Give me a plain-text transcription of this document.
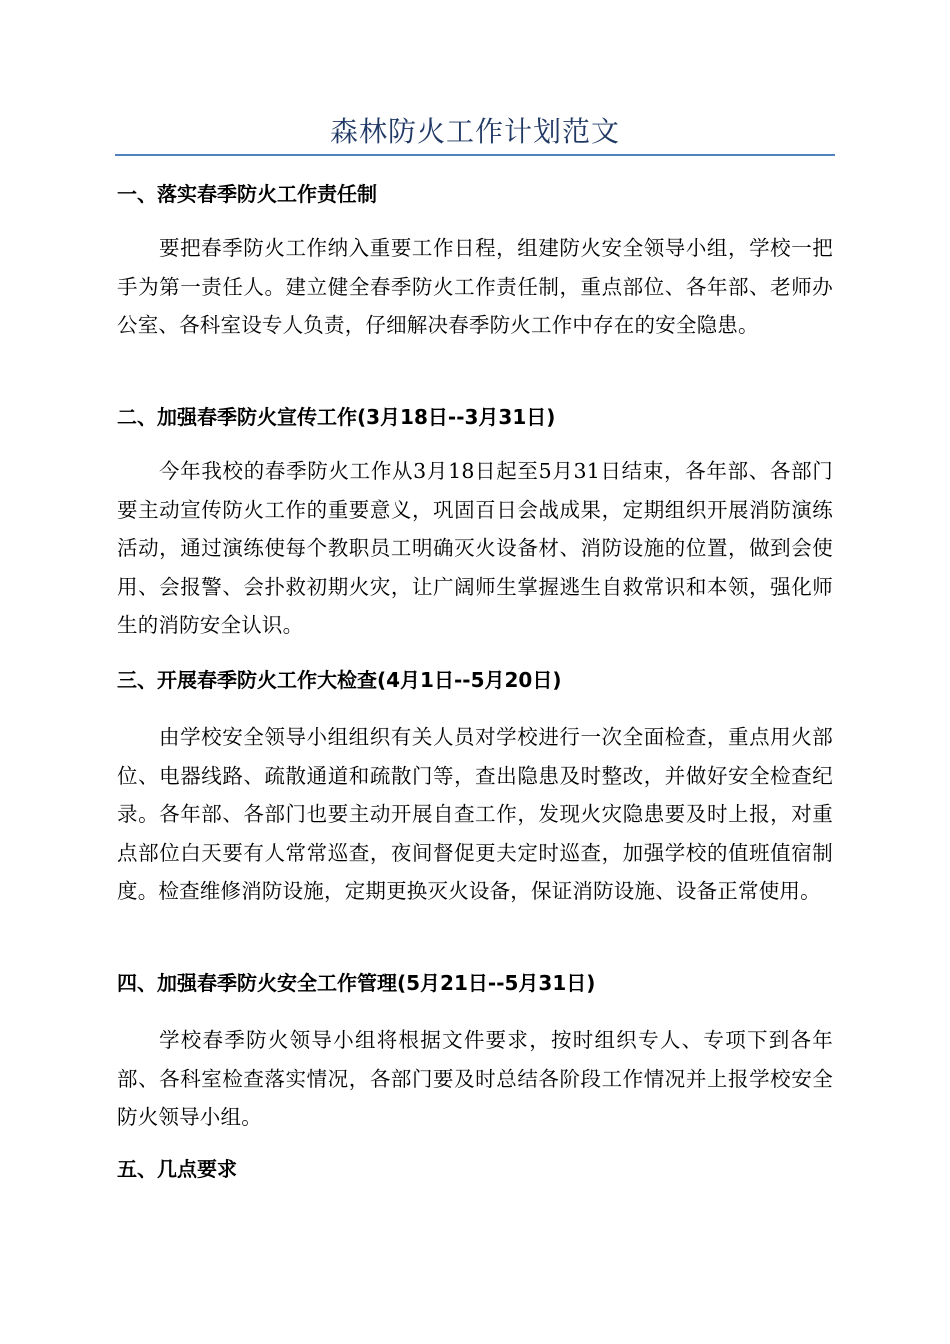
森林防火工作计划范文
一、落实春季防火工作责任制
要把春季防火工作纳入重要工作日程，组建防火安全领导小组，学校一把手为第一责任人。建立健全春季防火工作责任制，重点部位、各年部、老师办公室、各科室设专人负责，仔细解决春季防火工作中存在的安全隐患。
二、加强春季防火宣传工作(3月18日--3月31日)
今年我校的春季防火工作从3月18日起至5月31日结束，各年部、各部门要主动宣传防火工作的重要意义，巩固百日会战成果，定期组织开展消防演练活动，通过演练使每个教职员工明确灭火设备材、消防设施的位置，做到会使用、会报警、会扑救初期火灾，让广阔师生掌握逃生自救常识和本领，强化师生的消防安全认识。
三、开展春季防火工作大检查(4月1日--5月20日)
由学校安全领导小组组织有关人员对学校进行一次全面检查，重点用火部位、电器线路、疏散通道和疏散门等，查出隐患及时整改，并做好安全检查纪录。各年部、各部门也要主动开展自查工作，发现火灾隐患要及时上报，对重点部位白天要有人常常巡查，夜间督促更夫定时巡查，加强学校的值班值宿制度。检查维修消防设施，定期更换灭火设备，保证消防设施、设备正常使用。
四、加强春季防火安全工作管理(5月21日--5月31日)
学校春季防火领导小组将根据文件要求，按时组织专人、专项下到各年部、各科室检查落实情况，各部门要及时总结各阶段工作情况并上报学校安全防火领导小组。
五、几点要求
